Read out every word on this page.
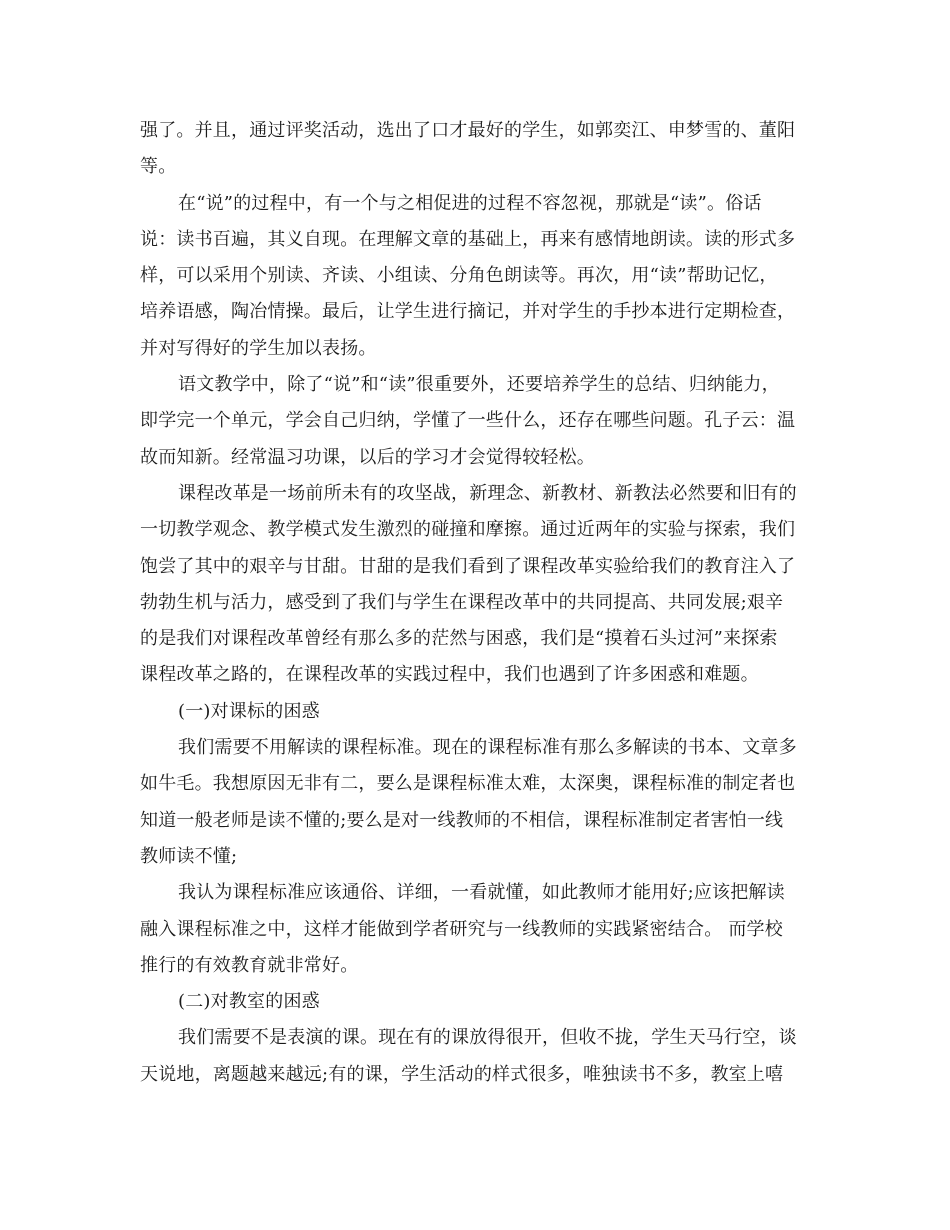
强了。并且，通过评奖活动，选出了口才最好的学生，如郭奕江、申梦雪的、董阳
等。
在“说”的过程中，有一个与之相促进的过程不容忽视，那就是“读”。俗话
说：读书百遍，其义自现。在理解文章的基础上，再来有感情地朗读。读的形式多
样，可以采用个别读、齐读、小组读、分角色朗读等。再次，用“读”帮助记忆，
培养语感，陶冶情操。最后，让学生进行摘记，并对学生的手抄本进行定期检查，
并对写得好的学生加以表扬。
语文教学中，除了“说”和“读”很重要外，还要培养学生的总结、归纳能力，
即学完一个单元，学会自己归纳，学懂了一些什么，还存在哪些问题。孔子云：温
故而知新。经常温习功课，以后的学习才会觉得较轻松。
课程改革是一场前所未有的攻坚战，新理念、新教材、新教法必然要和旧有的
一切教学观念、教学模式发生激烈的碰撞和摩擦。通过近两年的实验与探索，我们
饱尝了其中的艰辛与甘甜。甘甜的是我们看到了课程改革实验给我们的教育注入了
勃勃生机与活力，感受到了我们与学生在课程改革中的共同提高、共同发展;艰辛
的是我们对课程改革曾经有那么多的茫然与困惑，我们是“摸着石头过河”来探索
课程改革之路的，在课程改革的实践过程中，我们也遇到了许多困惑和难题。
(一)对课标的困惑
我们需要不用解读的课程标准。现在的课程标准有那么多解读的书本、文章多
如牛毛。我想原因无非有二，要么是课程标准太难，太深奥，课程标准的制定者也
知道一般老师是读不懂的;要么是对一线教师的不相信，课程标准制定者害怕一线
教师读不懂;
我认为课程标准应该通俗、详细，一看就懂，如此教师才能用好;应该把解读
融入课程标准之中，这样才能做到学者研究与一线教师的实践紧密结合。 而学校
推行的有效教育就非常好。
(二)对教室的困惑
我们需要不是表演的课。现在有的课放得很开，但收不拢，学生天马行空，谈
天说地，离题越来越远;有的课，学生活动的样式很多，唯独读书不多，教室上嘻
